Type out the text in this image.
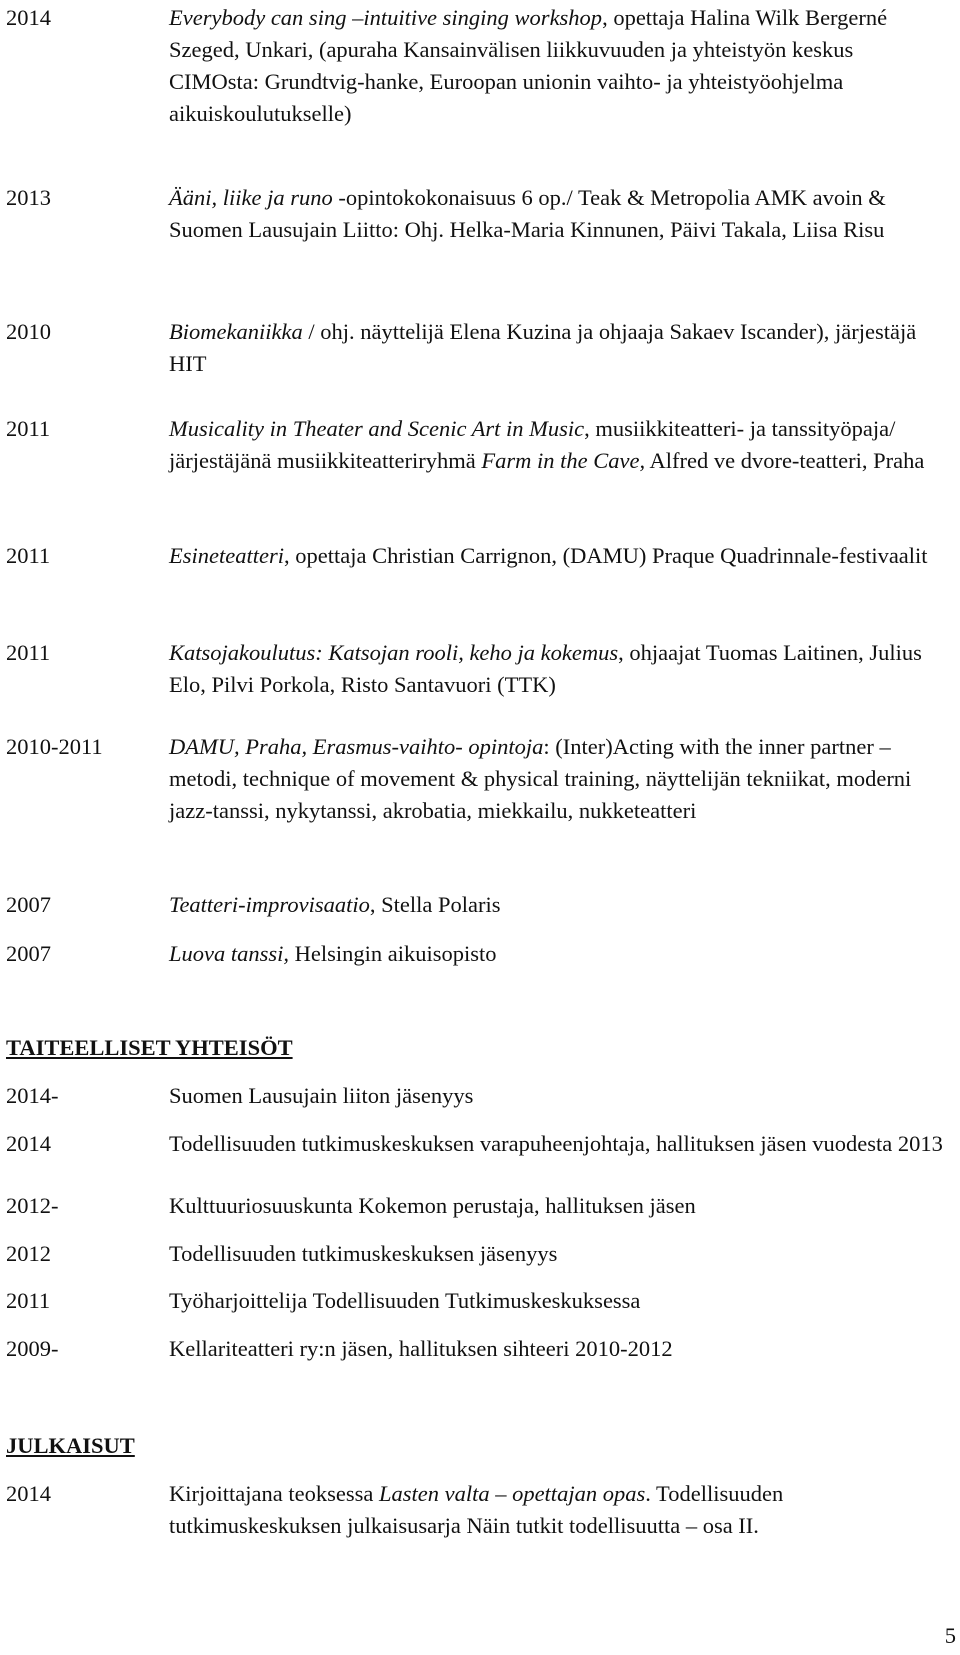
2014	Everybody can sing –intuitive singing workshop, opettaja Halina Wilk Bergerné Szeged, Unkari, (apuraha Kansainvälisen liikkuvuuden ja yhteistyön keskus CIMOsta: Grundtvig-hanke, Euroopan unionin vaihto- ja yhteistyöohjelma aikuiskoulutukselle)
2013	Ääni, liike ja runo -opintokokonaisuus 6 op./ Teak & Metropolia AMK avoin & Suomen Lausujain Liitto: Ohj. Helka-Maria Kinnunen, Päivi Takala, Liisa Risu
2010	Biomekaniikka / ohj. näyttelijä Elena Kuzina ja ohjaaja Sakaev Iscander), järjestäjä HIT
2011	Musicality in Theater and Scenic Art in Music, musiikkiteatteri- ja tanssityöpaja/ järjestäjänä musiikkiteatteriryhmä Farm in the Cave, Alfred ve dvore-teatteri, Praha
2011	Esineteatteri, opettaja Christian Carrignon, (DAMU) Praque Quadrinnale-festivaalit
2011	Katsojakoulutus: Katsojan rooli, keho ja kokemus, ohjaajat Tuomas Laitinen, Julius Elo, Pilvi Porkola, Risto Santavuori (TTK)
2010-2011	DAMU, Praha, Erasmus-vaihto- opintoja: (Inter)Acting with the inner partner –metodi, technique of movement & physical training, näyttelijän tekniikat, moderni jazz-tanssi, nykytanssi, akrobatia, miekkailu, nukketeatteri
2007	Teatteri-improvisaatio, Stella Polaris
2007	Luova tanssi, Helsingin aikuisopisto
TAITEELLISET YHTEISÖT
2014-	Suomen Lausujain liiton jäsenyys
2014	Todellisuuden tutkimuskeskuksen varapuheenjohtaja, hallituksen jäsen vuodesta 2013
2012-	Kulttuuriosuuskunta Kokemon perustaja, hallituksen jäsen
2012	Todellisuuden tutkimuskeskuksen jäsenyys
2011	Työharjoittelija Todellisuuden Tutkimuskeskuksessa
2009-	Kellariteatteri ry:n jäsen, hallituksen sihteeri 2010-2012
JULKAISUT
2014	Kirjoittajana teoksessa Lasten valta – opettajan opas. Todellisuuden tutkimuskeskuksen julkaisusarja Näin tutkit todellisuutta – osa II.
5
